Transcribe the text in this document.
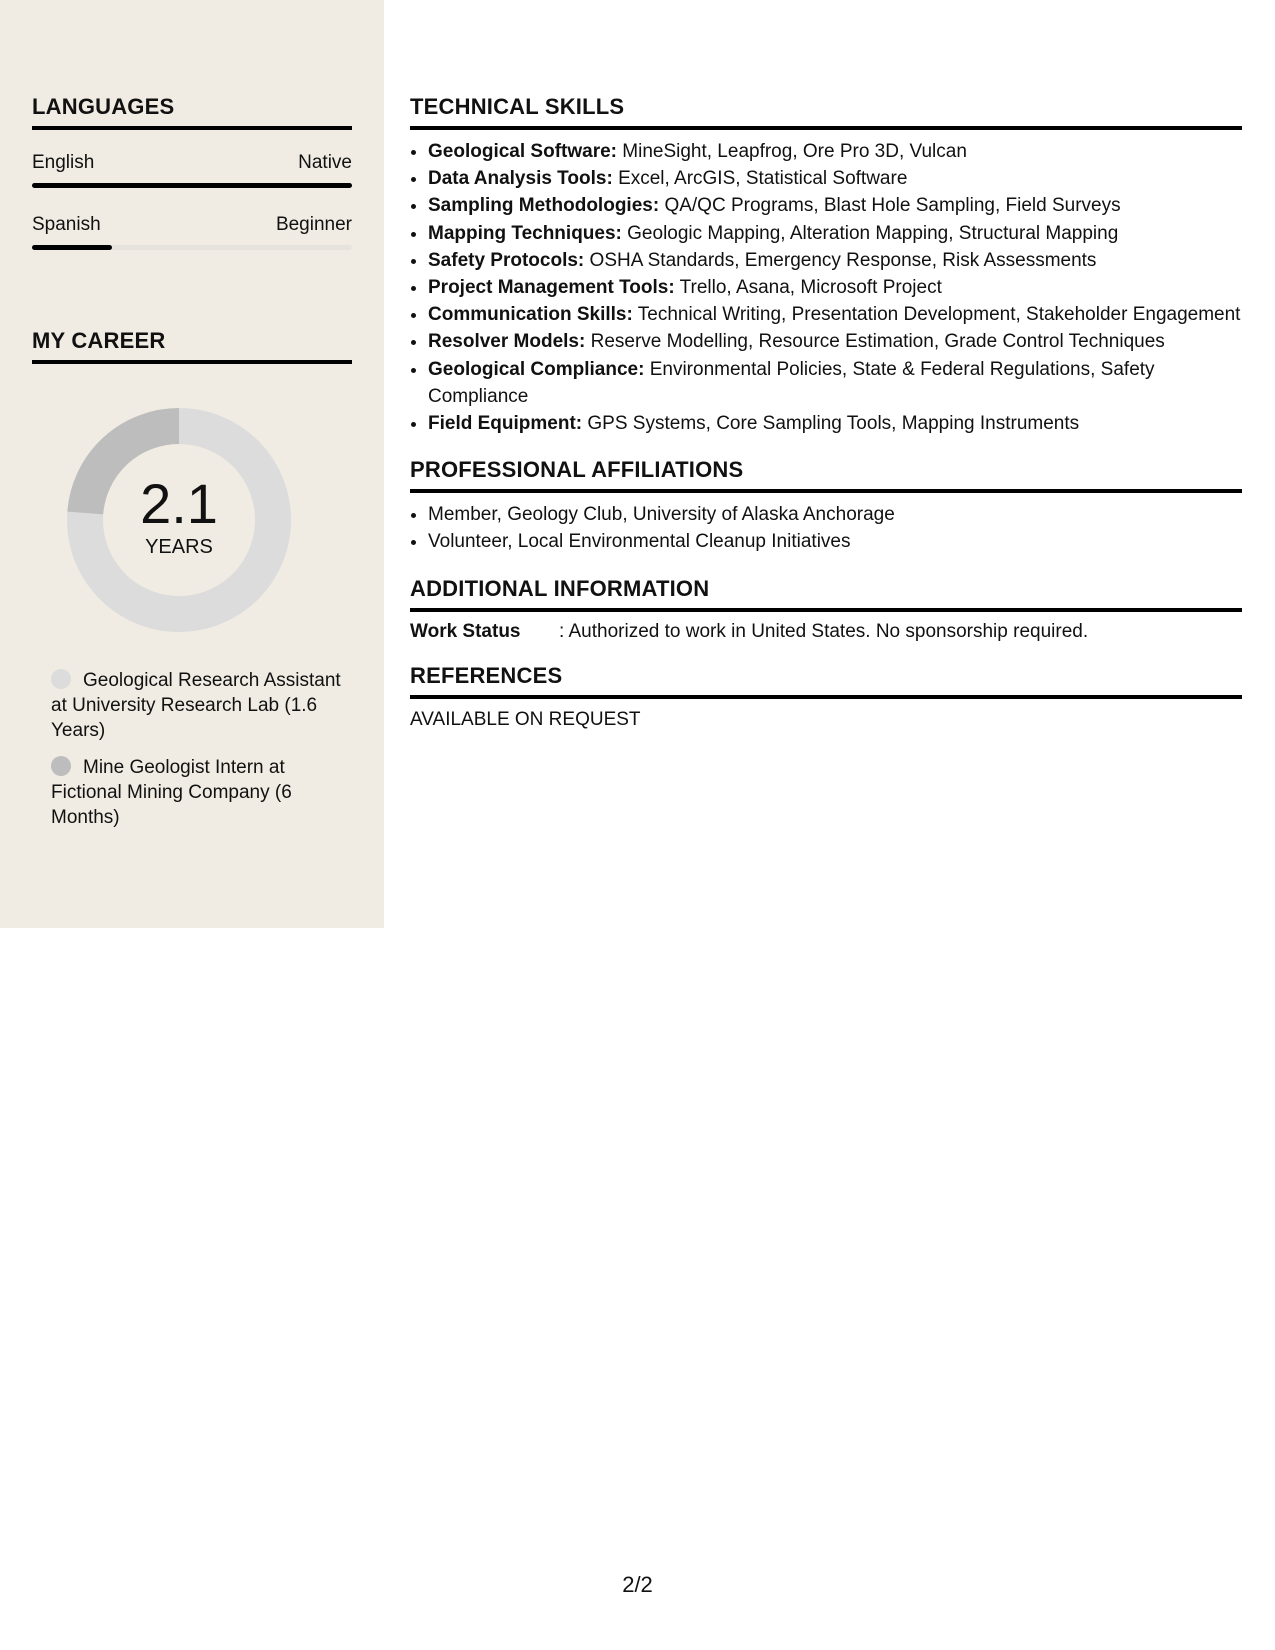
LANGUAGES
English	Native
Spanish	Beginner
MY CAREER
2.1
YEARS
Geological Research Assistant at University Research Lab (1.6 Years)
Mine Geologist Intern at Fictional Mining Company (6 Months)
TECHNICAL SKILLS
• Geological Software: MineSight, Leapfrog, Ore Pro 3D, Vulcan
• Data Analysis Tools: Excel, ArcGIS, Statistical Software
• Sampling Methodologies: QA/QC Programs, Blast Hole Sampling, Field Surveys
• Mapping Techniques: Geologic Mapping, Alteration Mapping, Structural Mapping
• Safety Protocols: OSHA Standards, Emergency Response, Risk Assessments
• Project Management Tools: Trello, Asana, Microsoft Project
• Communication Skills: Technical Writing, Presentation Development, Stakeholder Engagement
• Resolver Models: Reserve Modelling, Resource Estimation, Grade Control Techniques
• Geological Compliance: Environmental Policies, State & Federal Regulations, Safety Compliance
• Field Equipment: GPS Systems, Core Sampling Tools, Mapping Instruments
PROFESSIONAL AFFILIATIONS
• Member, Geology Club, University of Alaska Anchorage
• Volunteer, Local Environmental Cleanup Initiatives
ADDITIONAL INFORMATION
Work Status	: Authorized to work in United States. No sponsorship required.
REFERENCES
AVAILABLE ON REQUEST
2/2
